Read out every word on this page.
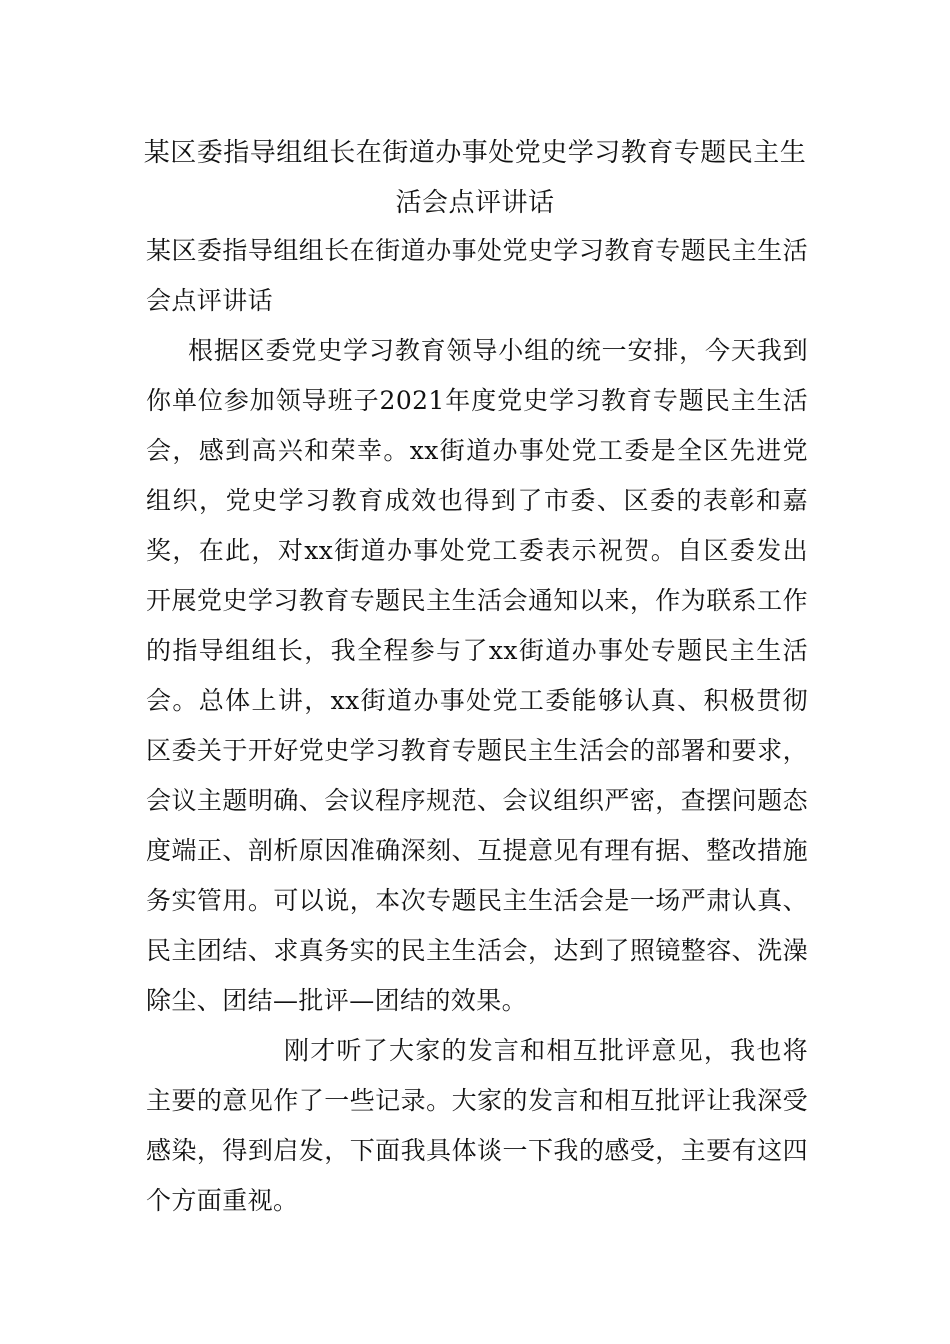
某区委指导组组长在街道办事处党史学习教育专题民主生活会点评讲话

某区委指导组组长在街道办事处党史学习教育专题民主生活会点评讲话

根据区委党史学习教育领导小组的统一安排，今天我到你单位参加领导班子2021年度党史学习教育专题民主生活会，感到高兴和荣幸。xx街道办事处党工委是全区先进党组织，党史学习教育成效也得到了市委、区委的表彰和嘉奖，在此，对xx街道办事处党工委表示祝贺。自区委发出开展党史学习教育专题民主生活会通知以来，作为联系工作的指导组组长，我全程参与了xx街道办事处专题民主生活会。总体上讲，xx街道办事处党工委能够认真、积极贯彻区委关于开好党史学习教育专题民主生活会的部署和要求，会议主题明确、会议程序规范、会议组织严密，查摆问题态度端正、剖析原因准确深刻、互提意见有理有据、整改措施务实管用。可以说，本次专题民主生活会是一场严肃认真、民主团结、求真务实的民主生活会，达到了照镜整容、洗澡除尘、团结—批评—团结的效果。

刚才听了大家的发言和相互批评意见，我也将主要的意见作了一些记录。大家的发言和相互批评让我深受感染，得到启发，下面我具体谈一下我的感受，主要有这四个方面重视。
